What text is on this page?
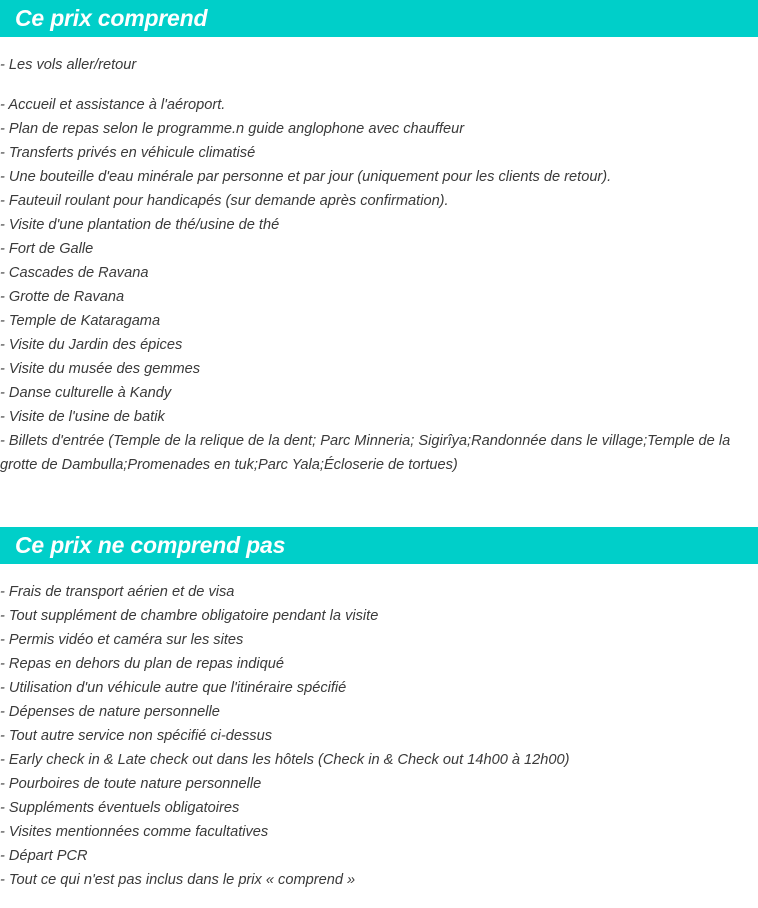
Ce prix comprend
- Les vols aller/retour
- Accueil et assistance à l'aéroport.
- Plan de repas selon le programme.n guide anglophone avec chauffeur
- Transferts privés en véhicule climatisé
- Une bouteille d'eau minérale par personne et par jour (uniquement pour les clients de retour).
- Fauteuil roulant pour handicapés (sur demande après confirmation).
- Visite d'une plantation de thé/usine de thé
- Fort de Galle
- Cascades de Ravana
- Grotte de Ravana
- Temple de Kataragama
- Visite du Jardin des épices
- Visite du musée des gemmes
- Danse culturelle à Kandy
- Visite de l'usine de batik
- Billets d'entrée (Temple de la relique de la dent; Parc Minneria; Sigirîya;Randonnée dans le village;Temple de la grotte de Dambulla;Promenades en tuk;Parc Yala;Écloserie de tortues)
Ce prix ne comprend pas
- Frais de transport aérien et de visa
- Tout supplément de chambre obligatoire pendant la visite
- Permis vidéo et caméra sur les sites
- Repas en dehors du plan de repas indiqué
- Utilisation d'un véhicule autre que l'itinéraire spécifié
- Dépenses de nature personnelle
- Tout autre service non spécifié ci-dessus
- Early check in & Late check out dans les hôtels (Check in & Check out 14h00 à 12h00)
- Pourboires de toute nature personnelle
- Suppléments éventuels obligatoires
- Visites mentionnées comme facultatives
- Départ PCR
- Tout ce qui n'est pas inclus dans le prix « comprend »
